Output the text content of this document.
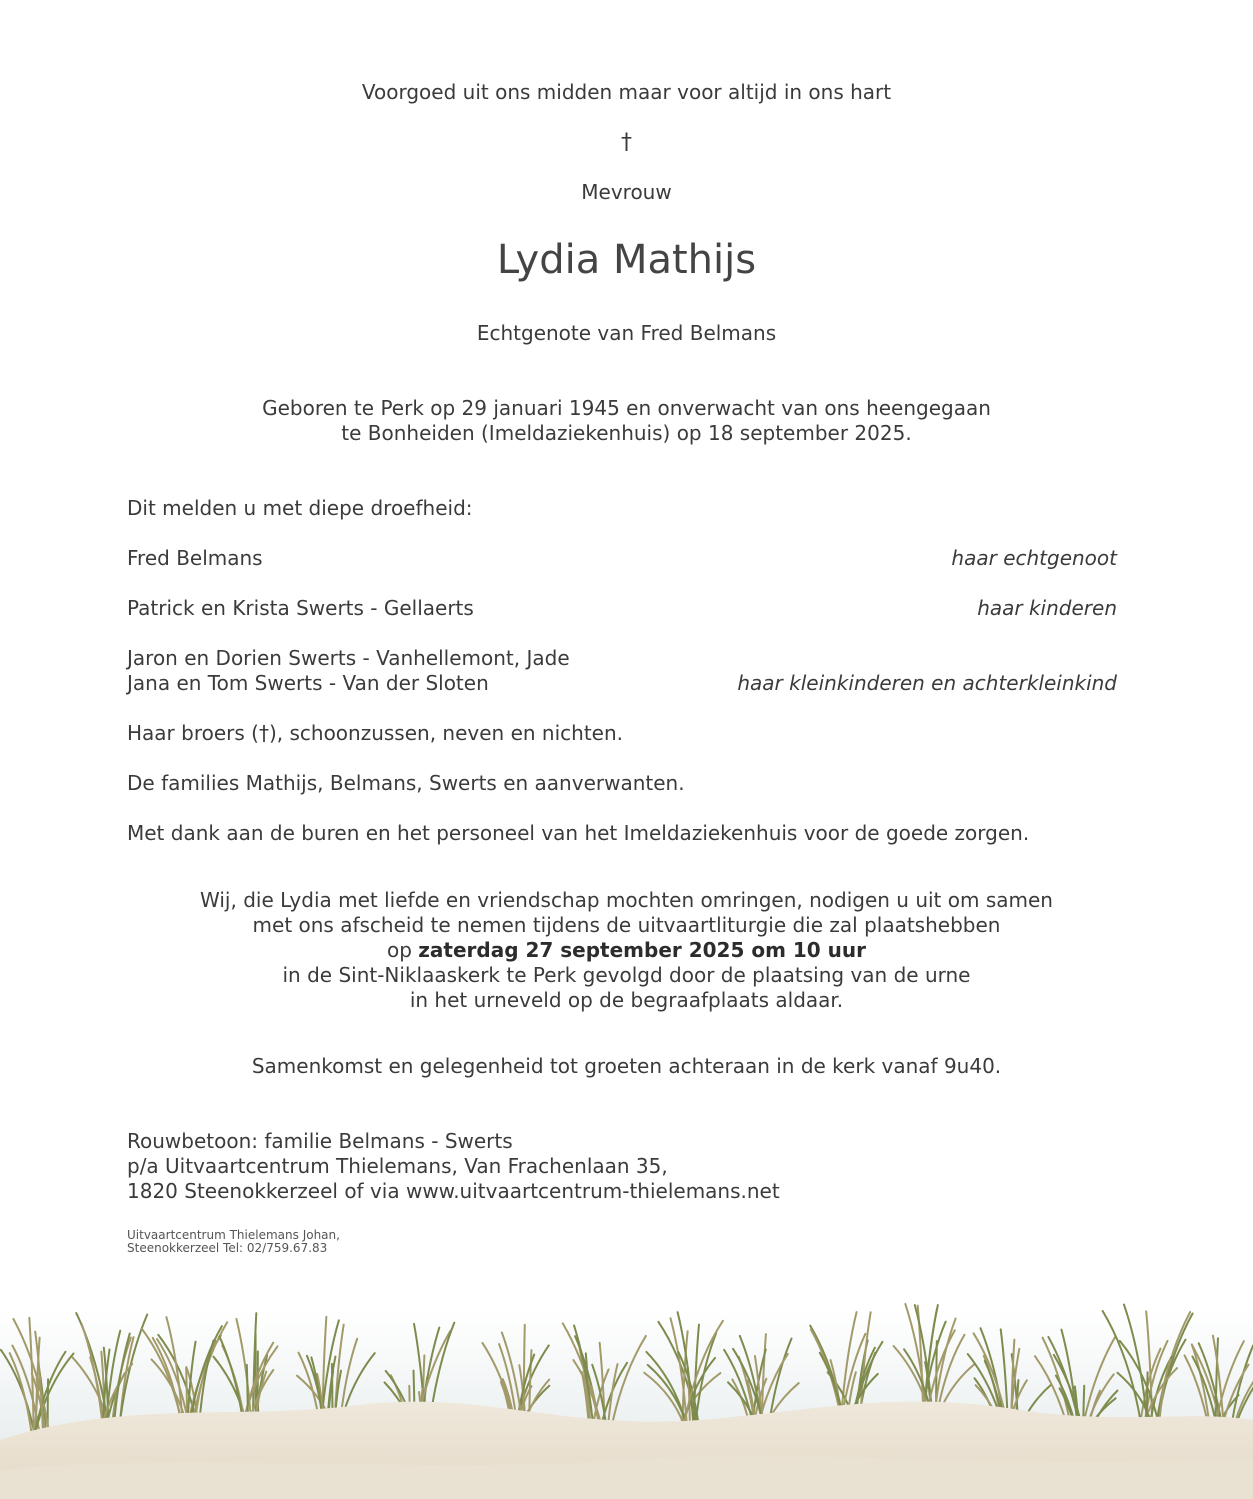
Voorgoed uit ons midden maar voor altijd in ons hart
†
Mevrouw
Lydia Mathijs
Echtgenote van Fred Belmans
Geboren te Perk op 29 januari 1945 en onverwacht van ons heengegaan
te Bonheiden (Imeldaziekenhuis) op 18 september 2025.
Dit melden u met diepe droefheid:
Fred Belmans	haar echtgenoot
Patrick en Krista Swerts - Gellaerts	haar kinderen
Jaron en Dorien Swerts - Vanhellemont, Jade
Jana en Tom Swerts - Van der Sloten	haar kleinkinderen en achterkleinkind
Haar broers (†), schoonzussen, neven en nichten.
De families Mathijs, Belmans, Swerts en aanverwanten.
Met dank aan de buren en het personeel van het Imeldaziekenhuis voor de goede zorgen.
Wij, die Lydia met liefde en vriendschap mochten omringen, nodigen u uit om samen
met ons afscheid te nemen tijdens de uitvaartliturgie die zal plaatshebben
op zaterdag 27 september 2025 om 10 uur
in de Sint-Niklaaskerk te Perk gevolgd door de plaatsing van de urne
in het urneveld op de begraafplaats aldaar.
Samenkomst en gelegenheid tot groeten achteraan in de kerk vanaf 9u40.
Rouwbetoon: familie Belmans - Swerts
p/a Uitvaartcentrum Thielemans, Van Frachenlaan 35,
1820 Steenokkerzeel of via www.uitvaartcentrum-thielemans.net
Uitvaartcentrum Thielemans Johan,
Steenokkerzeel Tel: 02/759.67.83
